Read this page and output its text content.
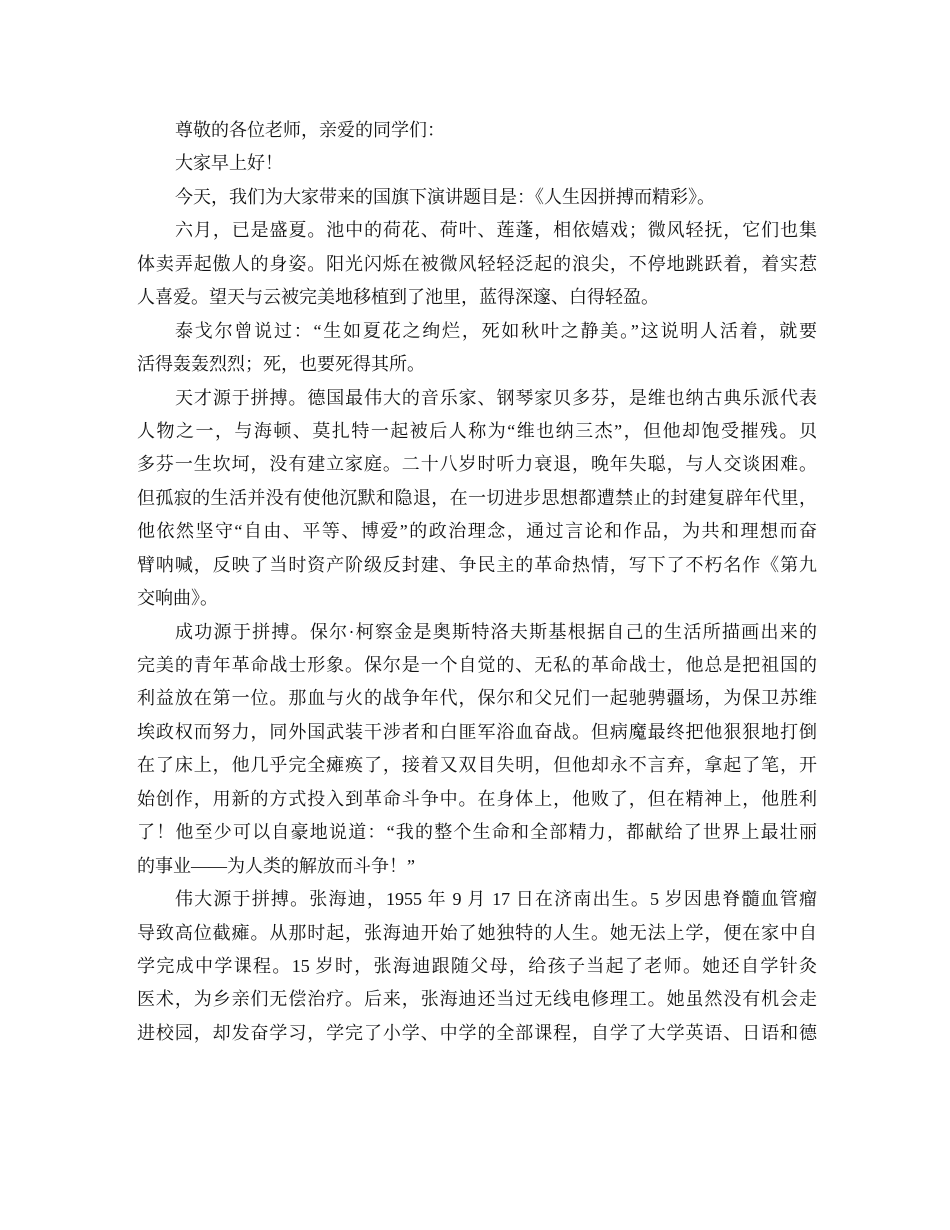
尊敬的各位老师，亲爱的同学们：
大家早上好！
今天，我们为大家带来的国旗下演讲题目是：《人生因拼搏而精彩》。
六月，已是盛夏。池中的荷花、荷叶、莲蓬，相依嬉戏；微风轻抚，它们也集
体卖弄起傲人的身姿。阳光闪烁在被微风轻轻泛起的浪尖，不停地跳跃着，着实惹
人喜爱。望天与云被完美地移植到了池里，蓝得深邃、白得轻盈。
泰戈尔曾说过：“生如夏花之绚烂，死如秋叶之静美。”这说明人活着，就要
活得轰轰烈烈；死，也要死得其所。
天才源于拼搏。德国最伟大的音乐家、钢琴家贝多芬，是维也纳古典乐派代表
人物之一，与海顿、莫扎特一起被后人称为“维也纳三杰”，但他却饱受摧残。贝
多芬一生坎坷，没有建立家庭。二十八岁时听力衰退，晚年失聪，与人交谈困难。
但孤寂的生活并没有使他沉默和隐退，在一切进步思想都遭禁止的封建复辟年代里，
他依然坚守“自由、平等、博爱”的政治理念，通过言论和作品，为共和理想而奋
臂呐喊，反映了当时资产阶级反封建、争民主的革命热情，写下了不朽名作《第九
交响曲》。
成功源于拼搏。保尔·柯察金是奥斯特洛夫斯基根据自己的生活所描画出来的
完美的青年革命战士形象。保尔是一个自觉的、无私的革命战士，他总是把祖国的
利益放在第一位。那血与火的战争年代，保尔和父兄们一起驰骋疆场，为保卫苏维
埃政权而努力，同外国武装干涉者和白匪军浴血奋战。但病魔最终把他狠狠地打倒
在了床上，他几乎完全瘫痪了，接着又双目失明，但他却永不言弃，拿起了笔，开
始创作，用新的方式投入到革命斗争中。在身体上，他败了，但在精神上，他胜利
了！他至少可以自豪地说道：“我的整个生命和全部精力，都献给了世界上最壮丽
的事业——为人类的解放而斗争！”
伟大源于拼搏。张海迪，1955 年 9 月 17 日在济南出生。5 岁因患脊髓血管瘤
导致高位截瘫。从那时起，张海迪开始了她独特的人生。她无法上学，便在家中自
学完成中学课程。15 岁时，张海迪跟随父母，给孩子当起了老师。她还自学针灸
医术，为乡亲们无偿治疗。后来，张海迪还当过无线电修理工。她虽然没有机会走
进校园，却发奋学习，学完了小学、中学的全部课程，自学了大学英语、日语和德
